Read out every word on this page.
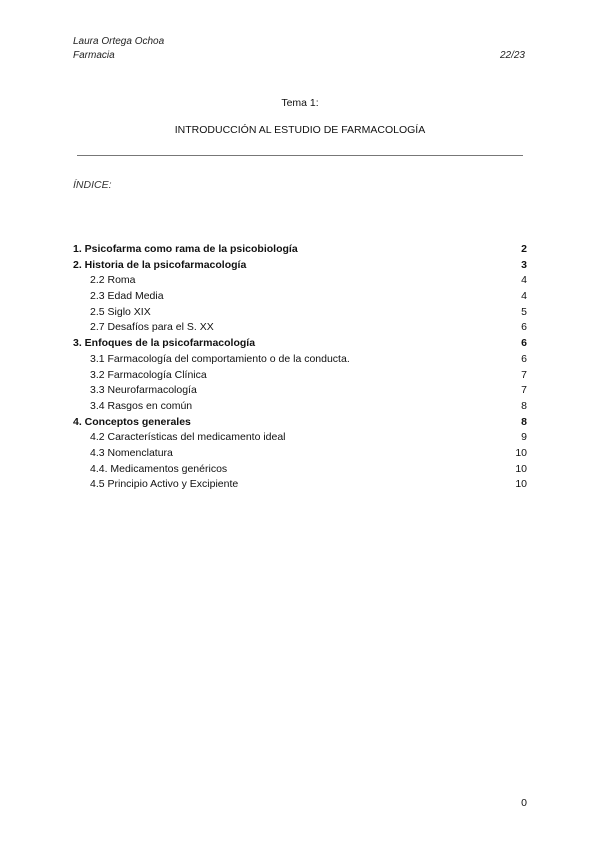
Laura Ortega Ochoa
Farmacia	22/23
Tema 1:
INTRODUCCIÓN AL ESTUDIO DE FARMACOLOGÍA
ÍNDICE:
1. Psicofarma como rama de la psicobiología	2
2. Historia de la psicofarmacología	3
2.2 Roma	4
2.3 Edad Media	4
2.5 Siglo XIX	5
2.7 Desafíos para el S. XX	6
3. Enfoques de la psicofarmacología	6
3.1 Farmacología del comportamiento o de la conducta.	6
3.2 Farmacología Clínica	7
3.3 Neurofarmacología	7
3.4 Rasgos en común	8
4. Conceptos generales	8
4.2 Características del medicamento ideal	9
4.3 Nomenclatura	10
4.4. Medicamentos genéricos	10
4.5 Principio Activo y Excipiente	10
0
